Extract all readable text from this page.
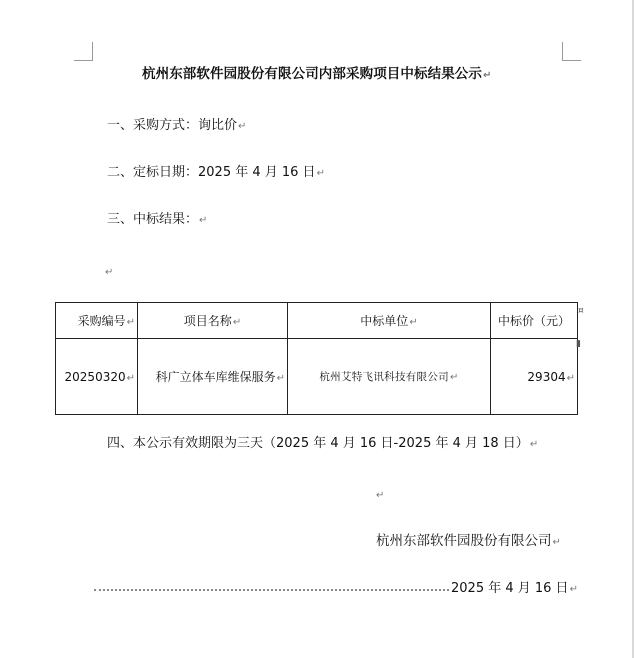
杭州东部软件园股份有限公司内部采购项目中标结果公示↵
一、采购方式：询比价↵
二、定标日期：2025 年 4 月 16 日↵
三、中标结果：↵
↵
采购编号↵	项目名称↵	中标单位↵	中标价（元）
20250320↵	科广立体车库维保服务↵	杭州艾特飞讯科技有限公司↵	29304↵
¤
▮
四、本公示有效期限为三天（2025 年 4 月 16 日-2025 年 4 月 18 日）↵
↵
杭州东部软件园股份有限公司↵
2025 年 4 月 16 日↵
